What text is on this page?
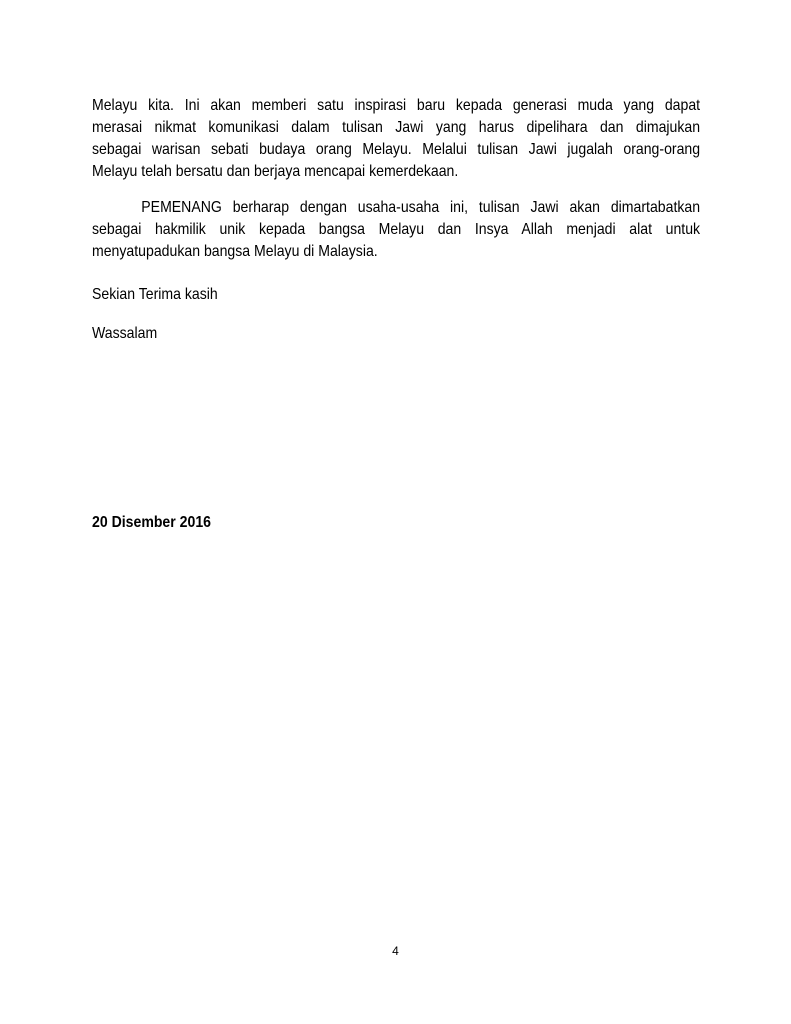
Melayu kita. Ini akan memberi satu inspirasi baru kepada generasi muda yang dapat
merasai nikmat komunikasi dalam tulisan Jawi yang harus dipelihara dan dimajukan
sebagai warisan sebati budaya orang Melayu. Melalui tulisan Jawi jugalah orang-orang
Melayu telah bersatu dan berjaya mencapai kemerdekaan.
PEMENANG berharap dengan usaha-usaha ini, tulisan Jawi akan dimartabatkan
sebagai hakmilik unik kepada bangsa Melayu dan Insya Allah menjadi alat untuk
menyatupadukan bangsa Melayu di Malaysia.

Sekian Terima kasih

Wassalam

20 Disember 2016

4
